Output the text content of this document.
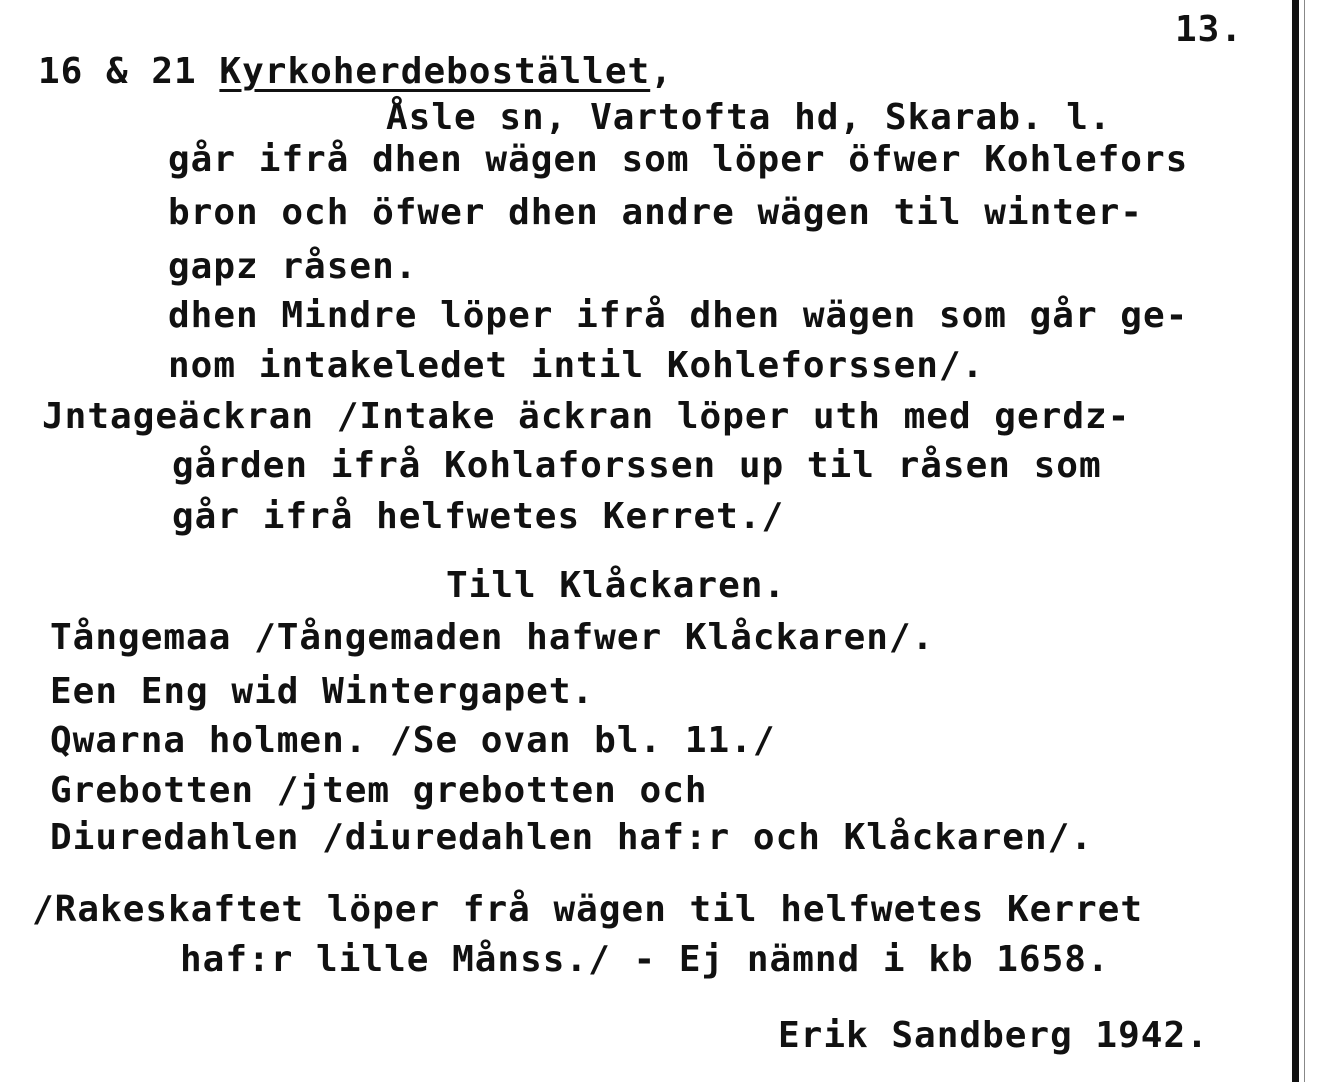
13.
16 & 21 Kyrkoherdebostället,
Åsle sn, Vartofta hd, Skarab. l.
går ifrå dhen wägen som löper öfwer Kohlefors
bron och öfwer dhen andre wägen til winter-
gapz råsen.
dhen Mindre löper ifrå dhen wägen som går ge-
nom intakeledet intil Kohleforssen/.
Jntageäckran /Intake äckran löper uth med gerdz-
gården ifrå Kohlaforssen up til råsen som
går ifrå helfwetes Kerret./
Till Klåckaren.
Tångemaa /Tångemaden hafwer Klåckaren/.
Een Eng wid Wintergapet.
Qwarna holmen. /Se ovan bl. 11./
Grebotten /jtem grebotten och
Diuredahlen /diuredahlen haf:r och Klåckaren/.
/Rakeskaftet löper frå wägen til helfwetes Kerret
haf:r lille Månss./ - Ej nämnd i kb 1658.
Erik Sandberg 1942.
